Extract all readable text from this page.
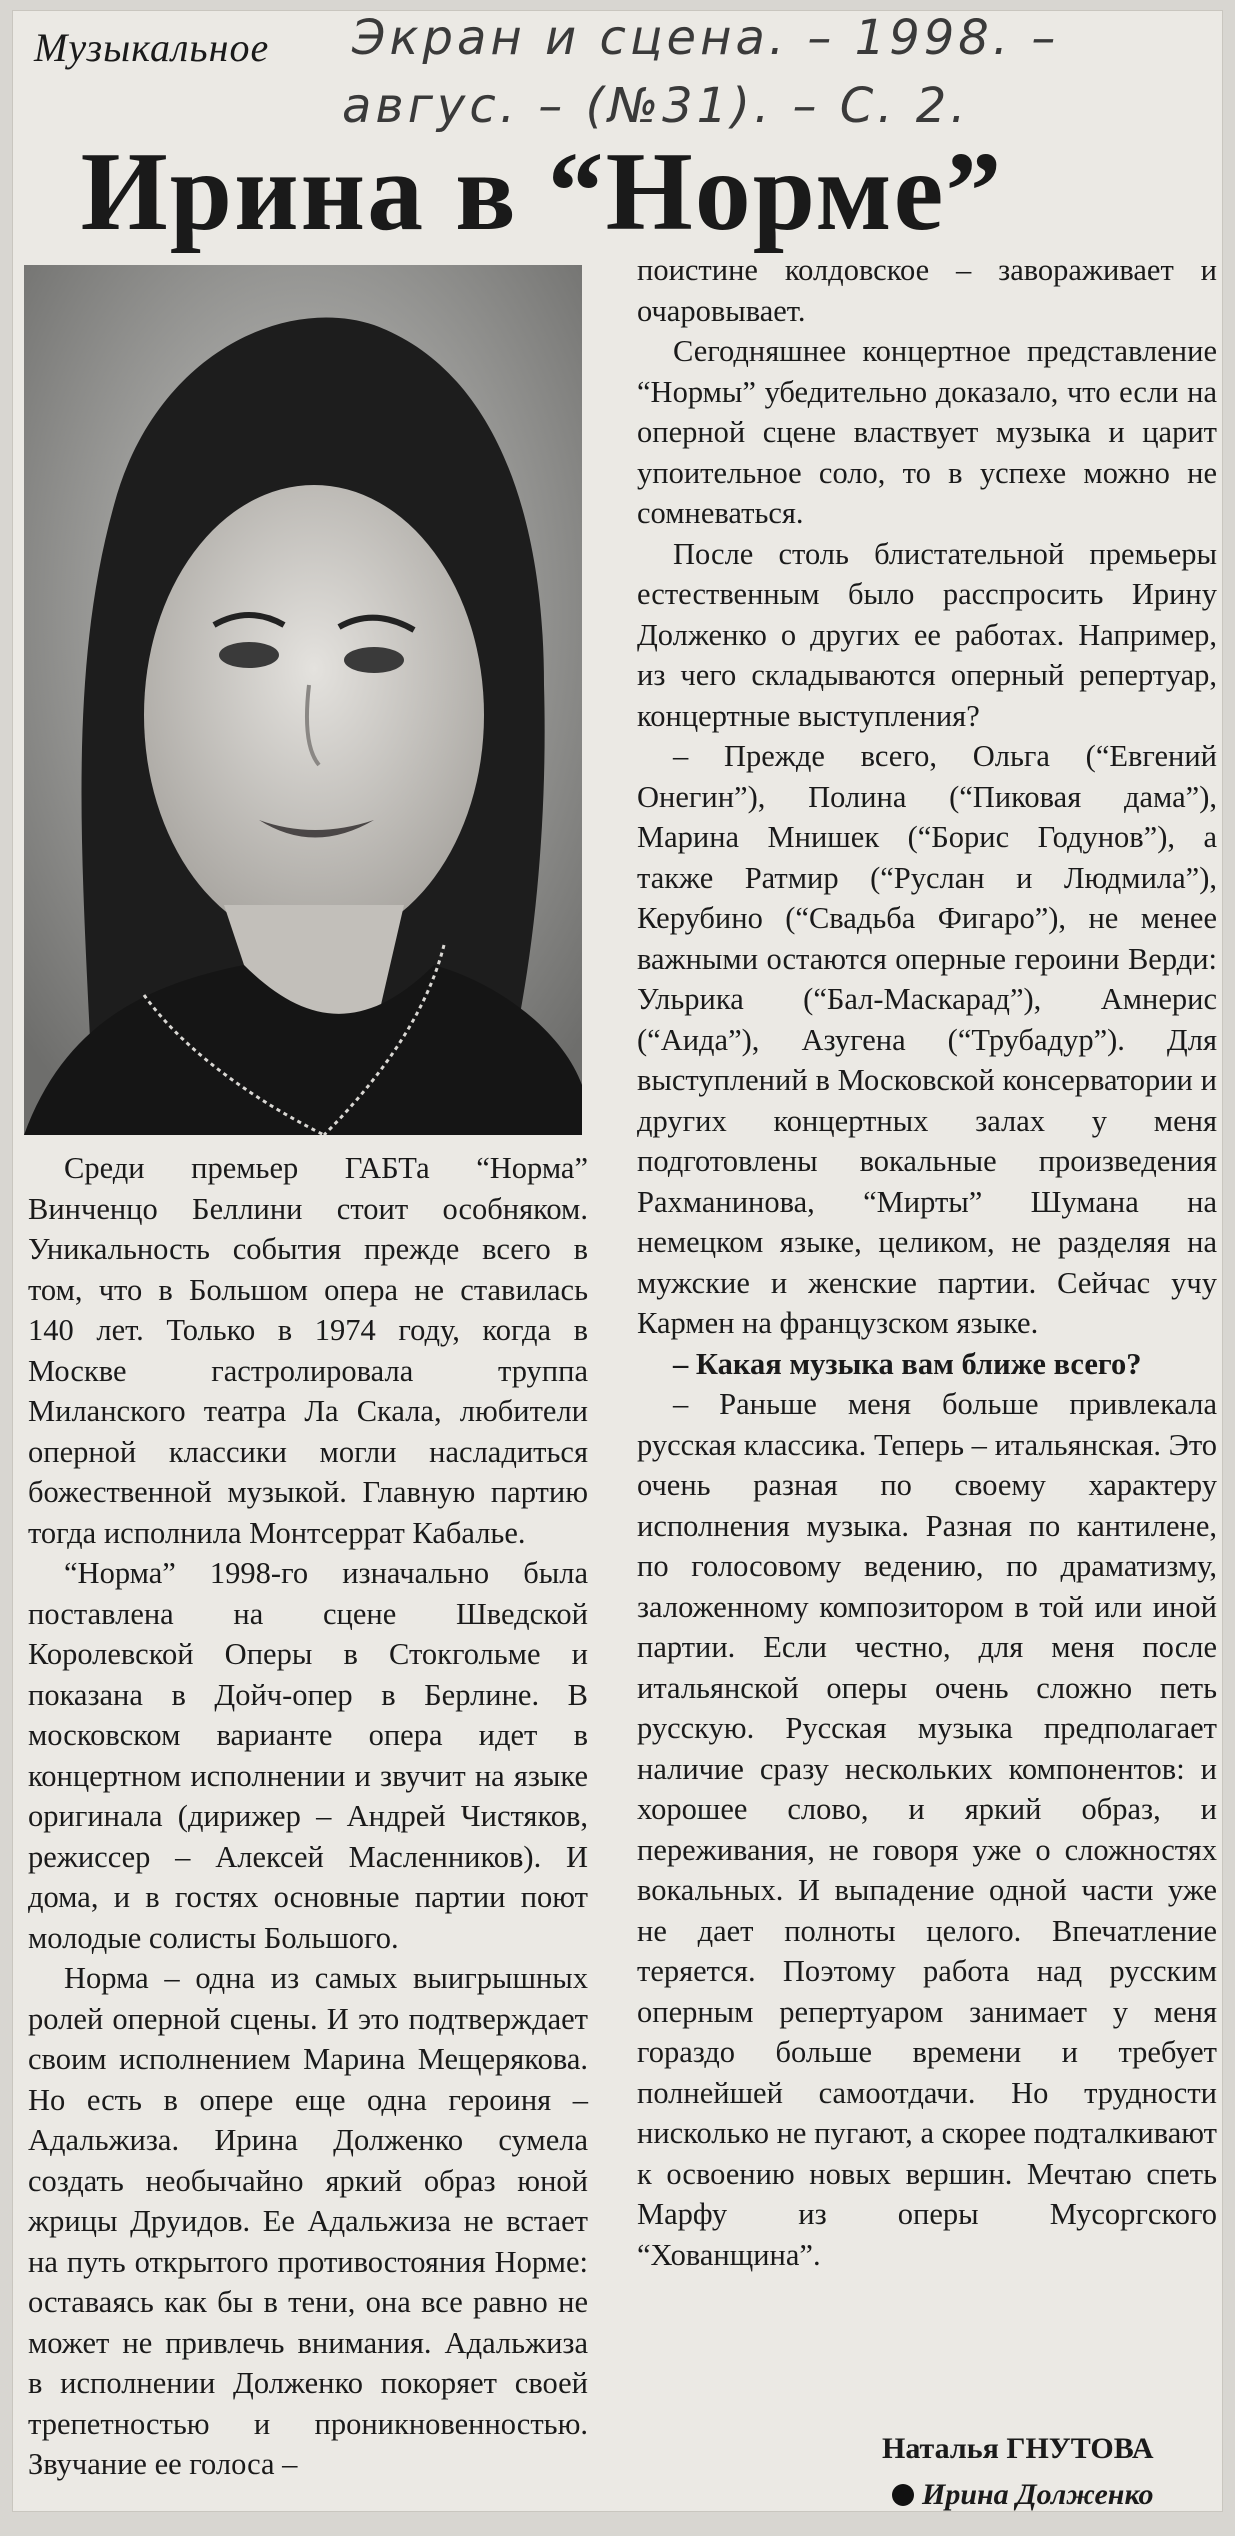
Музыкальное Экран и сцена. – 1998. –
авгус. – (№31). – С. 2.
Ирина в “Норме”

Среди премьер ГАБТа “Норма” Винченцо Беллини стоит особняком. Уникальность события прежде всего в том, что в Большом опера не ставилась 140 лет. Только в 1974 году, когда в Москве гастролировала труппа Миланского театра Ла Скала, любители оперной классики могли насладиться божественной музыкой. Главную партию тогда исполнила Монтсеррат Кабалье.

“Норма” 1998-го изначально была поставлена на сцене Шведской Королевской Оперы в Стокгольме и показана в Дойч-опер в Берлине. В московском варианте опера идет в концертном исполнении и звучит на языке оригинала (дирижер – Андрей Чистяков, режиссер – Алексей Масленников). И дома, и в гостях основные партии поют молодые солисты Большого.

Норма – одна из самых выигрышных ролей оперной сцены. И это подтверждает своим исполнением Марина Мещерякова. Но есть в опере еще одна героиня – Адальжиза. Ирина Долженко сумела создать необычайно яркий образ юной жрицы Друидов. Ее Адальжиза не встает на путь открытого противостояния Норме: оставаясь как бы в тени, она все равно не может не привлечь внимания. Адальжиза в исполнении Долженко покоряет своей трепетностью и проникновенностью. Звучание ее голоса –

поистине колдовское – завораживает и очаровывает.

Сегодняшнее концертное представление “Нормы” убедительно доказало, что если на оперной сцене властвует музыка и царит упоительное соло, то в успехе можно не сомневаться.

После столь блистательной премьеры естественным было расспросить Ирину Долженко о других ее работах. Например, из чего складываются оперный репертуар, концертные выступления?

– Прежде всего, Ольга (“Евгений Онегин”), Полина (“Пиковая дама”), Марина Мнишек (“Борис Годунов”), а также Ратмир (“Руслан и Людмила”), Керубино (“Свадьба Фигаро”), не менее важными остаются оперные героини Верди: Ульрика (“Бал-Маскарад”), Амнерис (“Аида”), Азугена (“Трубадур”). Для выступлений в Московской консерватории и других концертных залах у меня подготовлены вокальные произведения Рахманинова, “Мирты” Шумана на немецком языке, целиком, не разделяя на мужские и женские партии. Сейчас учу Кармен на французском языке.

– Какая музыка вам ближе всего?

– Раньше меня больше привлекала русская классика. Теперь – итальянская. Это очень разная по своему характеру исполнения музыка. Разная по кантилене, по голосовому ведению, по драматизму, заложенному композитором в той или иной партии. Если честно, для меня после итальянской оперы очень сложно петь русскую. Русская музыка предполагает наличие сразу нескольких компонентов: и хорошее слово, и яркий образ, и переживания, не говоря уже о сложностях вокальных. И выпадение одной части уже не дает полноты целого. Впечатление теряется. Поэтому работа над русским оперным репертуаром занимает у меня гораздо больше времени и требует полнейшей самоотдачи. Но трудности нисколько не пугают, а скорее подталкивают к освоению новых вершин. Мечтаю спеть Марфу из оперы Мусоргского “Хованщина”.

Наталья ГНУТОВА
Ирина Долженко
